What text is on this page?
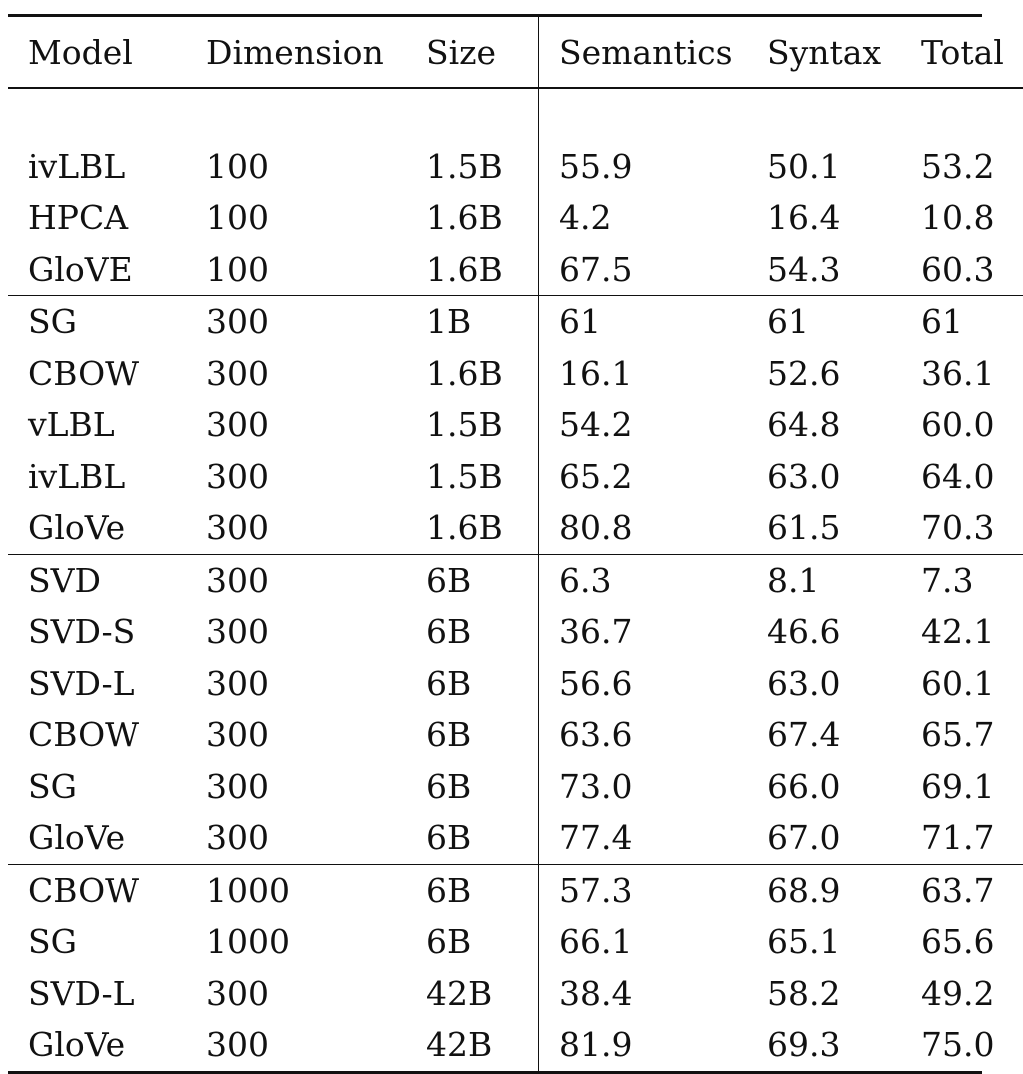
Model	Dimension	Size	Semantics	Syntax	Total

ivLBL	100	1.5B	55.9	50.1	53.2
HPCA	100	1.6B	4.2	16.4	10.8
GloVE	100	1.6B	67.5	54.3	60.3
SG	300	1B	61	61	61
CBOW	300	1.6B	16.1	52.6	36.1
vLBL	300	1.5B	54.2	64.8	60.0
ivLBL	300	1.5B	65.2	63.0	64.0
GloVe	300	1.6B	80.8	61.5	70.3
SVD	300	6B	6.3	8.1	7.3
SVD-S	300	6B	36.7	46.6	42.1
SVD-L	300	6B	56.6	63.0	60.1
CBOW	300	6B	63.6	67.4	65.7
SG	300	6B	73.0	66.0	69.1
GloVe	300	6B	77.4	67.0	71.7
CBOW	1000	6B	57.3	68.9	63.7
SG	1000	6B	66.1	65.1	65.6
SVD-L	300	42B	38.4	58.2	49.2
GloVe	300	42B	81.9	69.3	75.0
